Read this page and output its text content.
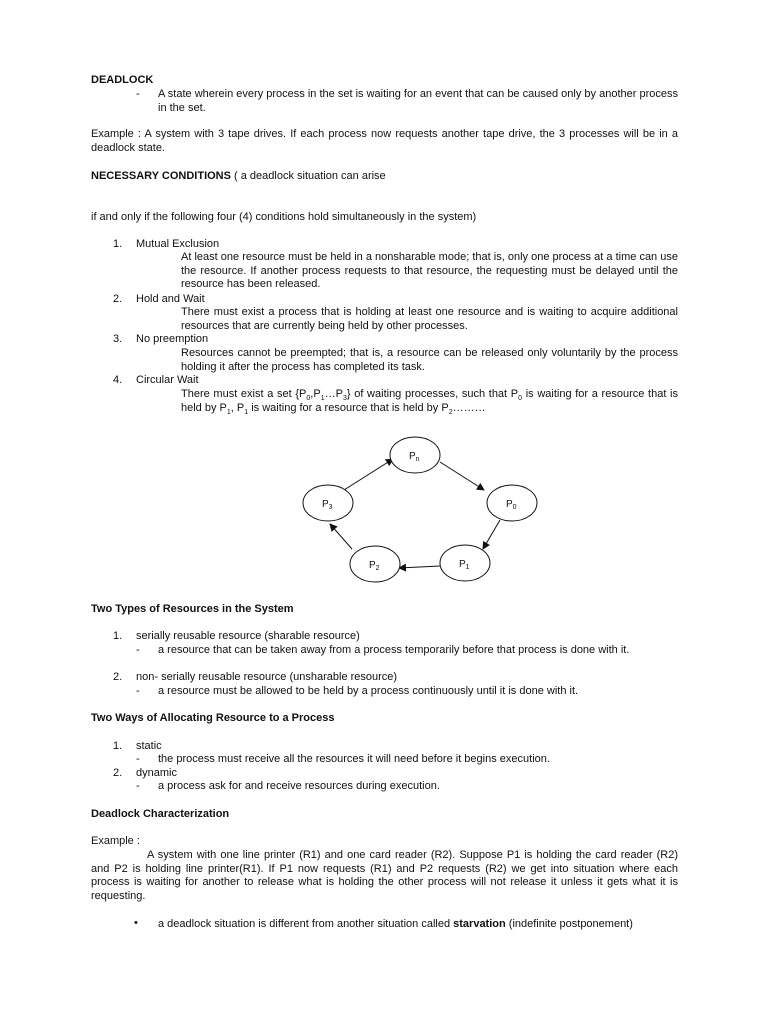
DEADLOCK
- A state wherein every process in the set is waiting for an event that can be caused only by another process in the set.
Example : A system with 3 tape drives. If each process now requests another tape drive, the 3 processes will be in a deadlock state.
NECESSARY CONDITIONS ( a deadlock situation can arise
if and only if the following four (4) conditions hold simultaneously in the system)
1. Mutual Exclusion
At least one resource must be held in a nonsharable mode; that is, only one process at a time can use the resource. If another process requests to that resource, the requesting must be delayed until the resource has been released.
2. Hold and Wait
There must exist a process that is holding at least one resource and is waiting to acquire additional resources that are currently being held by other processes.
3. No preemption
Resources cannot be preempted; that is, a resource can be released only voluntarily by the process holding it after the process has completed its task.
4. Circular Wait
There must exist a set $\{P_0,P_1\dots P_3\}$ of waiting processes, such that $P_0$ is waiting for a resource that is held by $P_1$, $P_1$ is waiting for a resource that is held by $P_2\dots\dots\dots$
$P_n$
$P_0$
$P_1$
$P_2$
$P_3$
Two Types of Resources in the System
1. serially reusable resource (sharable resource)
- a resource that can be taken away from a process temporarily before that process is done with it.
2. non- serially reusable resource (unsharable resource)
- a resource must be allowed to be held by a process continuously until it is done with it.
Two Ways of Allocating Resource to a Process
1. static
- the process must receive all the resources it will need before it begins execution.
2. dynamic
- a process ask for and receive resources during execution.
Deadlock Characterization
Example :
A system with one line printer (R1) and one card reader (R2). Suppose P1 is holding the card reader (R2) and P2 is holding line printer(R1). If P1 now requests (R1) and P2 requests (R2) we get into situation where each process is waiting for another to release what is holding the other process will not release it unless it gets what it is requesting.
• a deadlock situation is different from another situation called starvation (indefinite postponement)
